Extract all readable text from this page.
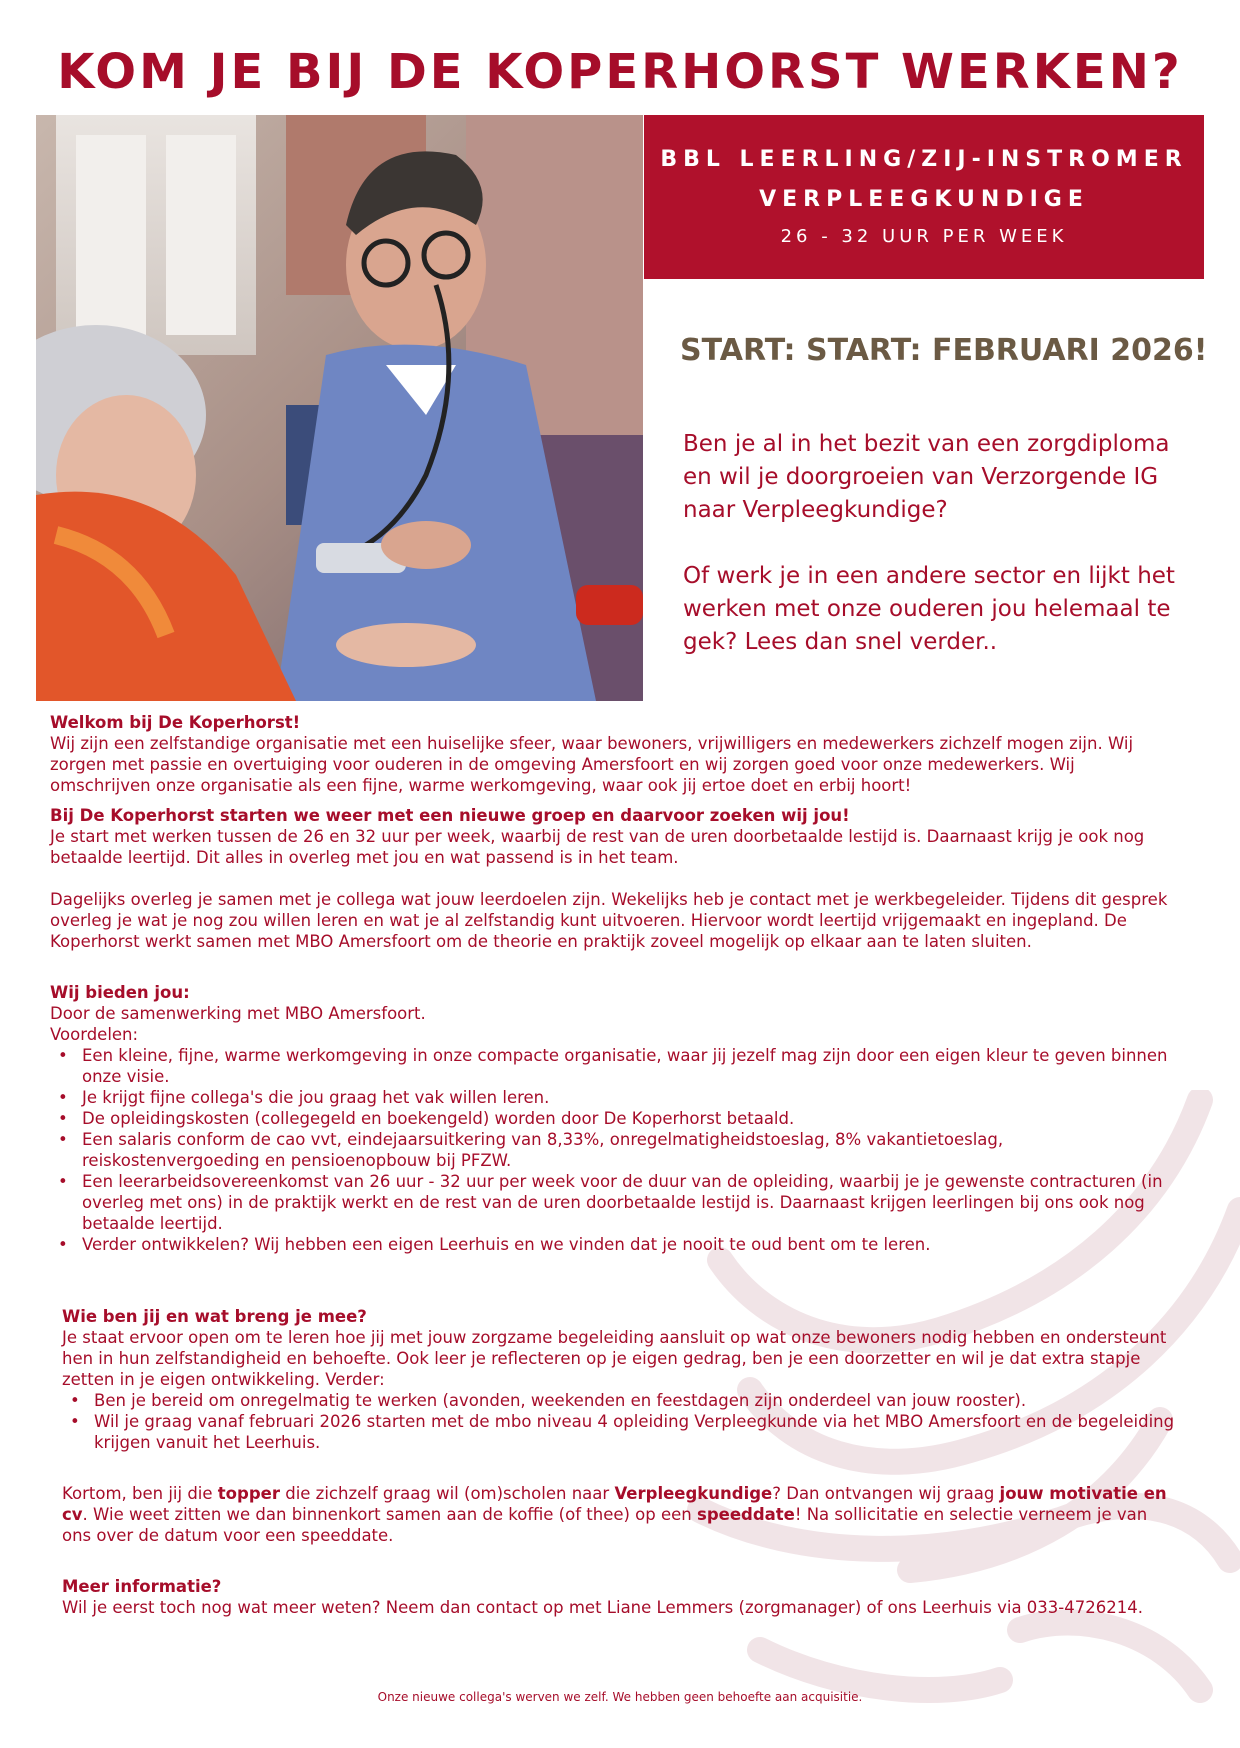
KOM JE BIJ DE KOPERHORST WERKEN?
BBL LEERLING/ZIJ-INSTROMER
VERPLEEGKUNDIGE
26 - 32 UUR PER WEEK
START: START: FEBRUARI 2026!

Ben je al in het bezit van een zorgdiploma en wil je doorgroeien van Verzorgende IG naar Verpleegkundige?

Of werk je in een andere sector en lijkt het werken met onze ouderen jou helemaal te gek? Lees dan snel verder..

Welkom bij De Koperhorst!

Wij zijn een zelfstandige organisatie met een huiselijke sfeer, waar bewoners, vrijwilligers en medewerkers zichzelf mogen zijn. Wij zorgen met passie en overtuiging voor ouderen in de omgeving Amersfoort en wij zorgen goed voor onze medewerkers. Wij omschrijven onze organisatie als een fijne, warme werkomgeving, waar ook jij ertoe doet en erbij hoort!

Bij De Koperhorst starten we weer met een nieuwe groep en daarvoor zoeken wij jou!

Je start met werken tussen de 26 en 32 uur per week, waarbij de rest van de uren doorbetaalde lestijd is. Daarnaast krijg je ook nog betaalde leertijd. Dit alles in overleg met jou en wat passend is in het team.

Dagelijks overleg je samen met je collega wat jouw leerdoelen zijn. Wekelijks heb je contact met je werkbegeleider. Tijdens dit gesprek overleg je wat je nog zou willen leren en wat je al zelfstandig kunt uitvoeren. Hiervoor wordt leertijd vrijgemaakt en ingepland. De Koperhorst werkt samen met MBO Amersfoort om de theorie en praktijk zoveel mogelijk op elkaar aan te laten sluiten.

Wij bieden jou:

Door de samenwerking met MBO Amersfoort.

Voordelen:

• Een kleine, fijne, warme werkomgeving in onze compacte organisatie, waar jij jezelf mag zijn door een eigen kleur te geven binnen onze visie.
• Je krijgt fijne collega's die jou graag het vak willen leren.
• De opleidingskosten (collegegeld en boekengeld) worden door De Koperhorst betaald.
• Een salaris conform de cao vvt, eindejaarsuitkering van 8,33%, onregelmatigheidstoeslag, 8% vakantietoeslag, reiskostenvergoeding en pensioenopbouw bij PFZW.
• Een leerarbeidsovereenkomst van 26 uur - 32 uur per week voor de duur van de opleiding, waarbij je je gewenste contracturen (in overleg met ons) in de praktijk werkt en de rest van de uren doorbetaalde lestijd is. Daarnaast krijgen leerlingen bij ons ook nog betaalde leertijd.
• Verder ontwikkelen? Wij hebben een eigen Leerhuis en we vinden dat je nooit te oud bent om te leren.
Wie ben jij en wat breng je mee?

Je staat ervoor open om te leren hoe jij met jouw zorgzame begeleiding aansluit op wat onze bewoners nodig hebben en ondersteunt hen in hun zelfstandigheid en behoefte. Ook leer je reflecteren op je eigen gedrag, ben je een doorzetter en wil je dat extra stapje zetten in je eigen ontwikkeling. Verder:

• Ben je bereid om onregelmatig te werken (avonden, weekenden en feestdagen zijn onderdeel van jouw rooster).
• Wil je graag vanaf februari 2026 starten met de mbo niveau 4 opleiding Verpleegkunde via het MBO Amersfoort en de begeleiding krijgen vanuit het Leerhuis.

Kortom, ben jij die topper die zichzelf graag wil (om)scholen naar Verpleegkundige? Dan ontvangen wij graag jouw motivatie en cv. Wie weet zitten we dan binnenkort samen aan de koffie (of thee) op een speeddate! Na sollicitatie en selectie verneem je van ons over de datum voor een speeddate.

Meer informatie?

Wil je eerst toch nog wat meer weten? Neem dan contact op met Liane Lemmers (zorgmanager) of ons Leerhuis via 033-4726214.

Onze nieuwe collega's werven we zelf. We hebben geen behoefte aan acquisitie.
